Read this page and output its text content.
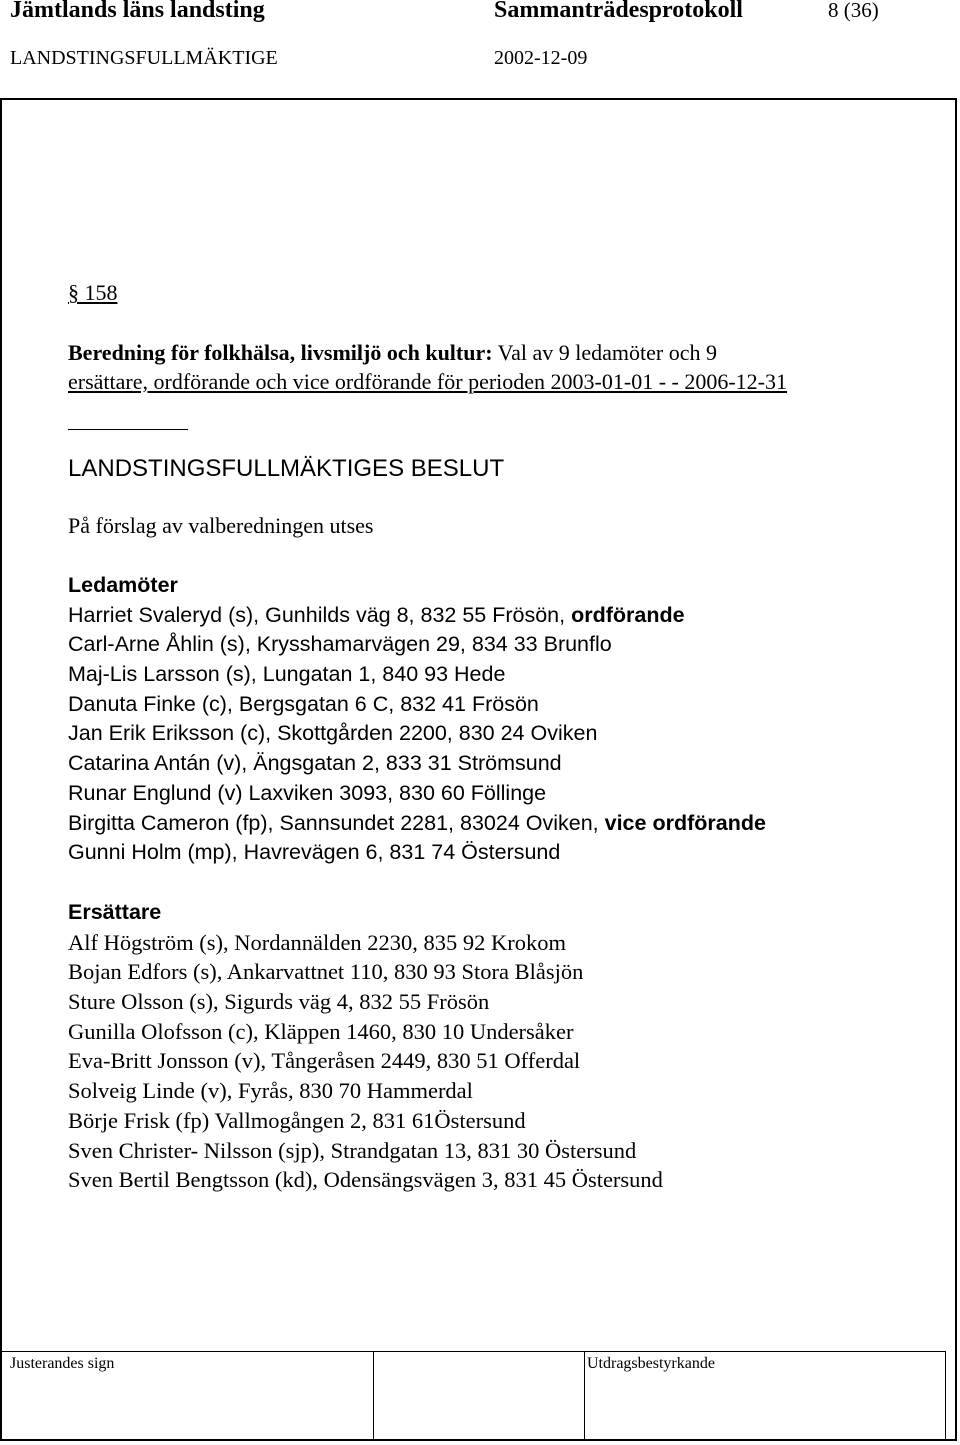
Jämtlands läns landsting	Sammanträdesprotokoll	8 (36)
LANDSTINGSFULLMÄKTIGE	2002-12-09
§ 158
Beredning för folkhälsa, livsmiljö och kultur: Val av 9 ledamöter och 9
ersättare, ordförande och vice ordförande för perioden 2003-01-01 - - 2006-12-31
LANDSTINGSFULLMÄKTIGES BESLUT
På förslag av valberedningen utses
Ledamöter
Harriet Svaleryd (s), Gunhilds väg 8, 832 55 Frösön, ordförande
Carl-Arne Åhlin (s), Krysshamarvägen 29, 834 33 Brunflo
Maj-Lis Larsson (s), Lungatan 1, 840 93 Hede
Danuta Finke (c), Bergsgatan 6 C, 832 41 Frösön
Jan Erik Eriksson (c), Skottgården 2200, 830 24 Oviken
Catarina Antán (v), Ängsgatan 2, 833 31 Strömsund
Runar Englund (v) Laxviken 3093, 830 60 Föllinge
Birgitta Cameron (fp), Sannsundet 2281, 83024 Oviken, vice ordförande
Gunni Holm (mp), Havrevägen 6, 831 74 Östersund
Ersättare
Alf Högström (s), Nordannälden 2230, 835 92 Krokom
Bojan Edfors (s), Ankarvattnet 110, 830 93 Stora Blåsjön
Sture Olsson (s), Sigurds väg 4, 832 55 Frösön
Gunilla Olofsson (c), Kläppen 1460, 830 10 Undersåker
Eva-Britt Jonsson (v), Tångeråsen 2449, 830 51 Offerdal
Solveig Linde (v), Fyrås, 830 70 Hammerdal
Börje Frisk (fp) Vallmogången 2, 831 61Östersund
Sven Christer- Nilsson (sjp), Strandgatan 13, 831 30 Östersund
Sven Bertil Bengtsson (kd), Odensängsvägen 3, 831 45 Östersund
Justerandes sign	Utdragsbestyrkande
